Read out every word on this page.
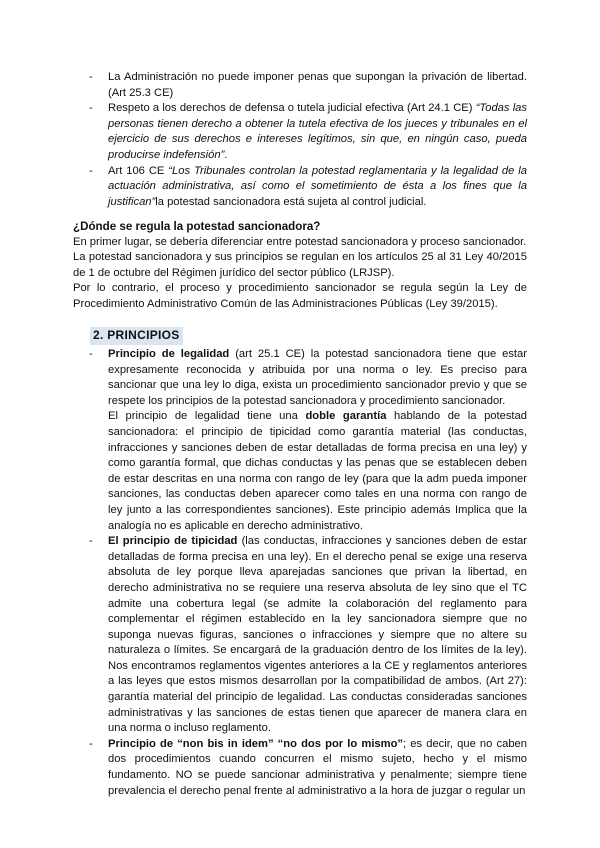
- La Administración no puede imponer penas que supongan la privación de libertad. (Art 25.3 CE)
- Respeto a los derechos de defensa o tutela judicial efectiva (Art 24.1 CE) “Todas las personas tienen derecho a obtener la tutela efectiva de los jueces y tribunales en el ejercicio de sus derechos e intereses legítimos, sin que, en ningún caso, pueda producirse indefensión”.
- Art 106 CE “Los Tribunales controlan la potestad reglamentaria y la legalidad de la actuación administrativa, así como el sometimiento de ésta a los fines que la justifican”la potestad sancionadora está sujeta al control judicial.
¿Dónde se regula la potestad sancionadora?
En primer lugar, se debería diferenciar entre potestad sancionadora y proceso sancionador.
La potestad sancionadora y sus principios se regulan en los artículos 25 al 31 Ley 40/2015 de 1 de octubre del Régimen jurídico del sector público (LRJSP).
Por lo contrario, el proceso y procedimiento sancionador se regula según la Ley de Procedimiento Administrativo Común de las Administraciones Públicas (Ley 39/2015).
2. PRINCIPIOS
- Principio de legalidad (art 25.1 CE) la potestad sancionadora tiene que estar expresamente reconocida y atribuida por una norma o ley. Es preciso para sancionar que una ley lo diga, exista un procedimiento sancionador previo y que se respete los principios de la potestad sancionadora y procedimiento sancionador.
El principio de legalidad tiene una doble garantía hablando de la potestad sancionadora: el principio de tipicidad como garantía material (las conductas, infracciones y sanciones deben de estar detalladas de forma precisa en una ley) y como garantía formal, que dichas conductas y las penas que se establecen deben de estar descritas en una norma con rango de ley (para que la adm pueda imponer sanciones, las conductas deben aparecer como tales en una norma con rango de ley junto a las correspondientes sanciones). Este principio además Implica que la analogía no es aplicable en derecho administrativo.
- El principio de tipicidad (las conductas, infracciones y sanciones deben de estar detalladas de forma precisa en una ley). En el derecho penal se exige una reserva absoluta de ley porque lleva aparejadas sanciones que privan la libertad, en derecho administrativa no se requiere una reserva absoluta de ley sino que el TC admite una cobertura legal (se admite la colaboración del reglamento para complementar el régimen establecido en la ley sancionadora siempre que no suponga nuevas figuras, sanciones o infracciones y siempre que no altere su naturaleza o límites. Se encargará de la graduación dentro de los límites de la ley). Nos encontramos reglamentos vigentes anteriores a la CE y reglamentos anteriores a las leyes que estos mismos desarrollan por la compatibilidad de ambos. (Art 27): garantía material del principio de legalidad. Las conductas consideradas sanciones administrativas y las sanciones de estas tienen que aparecer de manera clara en una norma o incluso reglamento.
- Principio de “non bis in idem” “no dos por lo mismo”; es decir, que no caben dos procedimientos cuando concurren el mismo sujeto, hecho y el mismo fundamento. NO se puede sancionar administrativa y penalmente; siempre tiene prevalencia el derecho penal frente al administrativo a la hora de juzgar o regular un
